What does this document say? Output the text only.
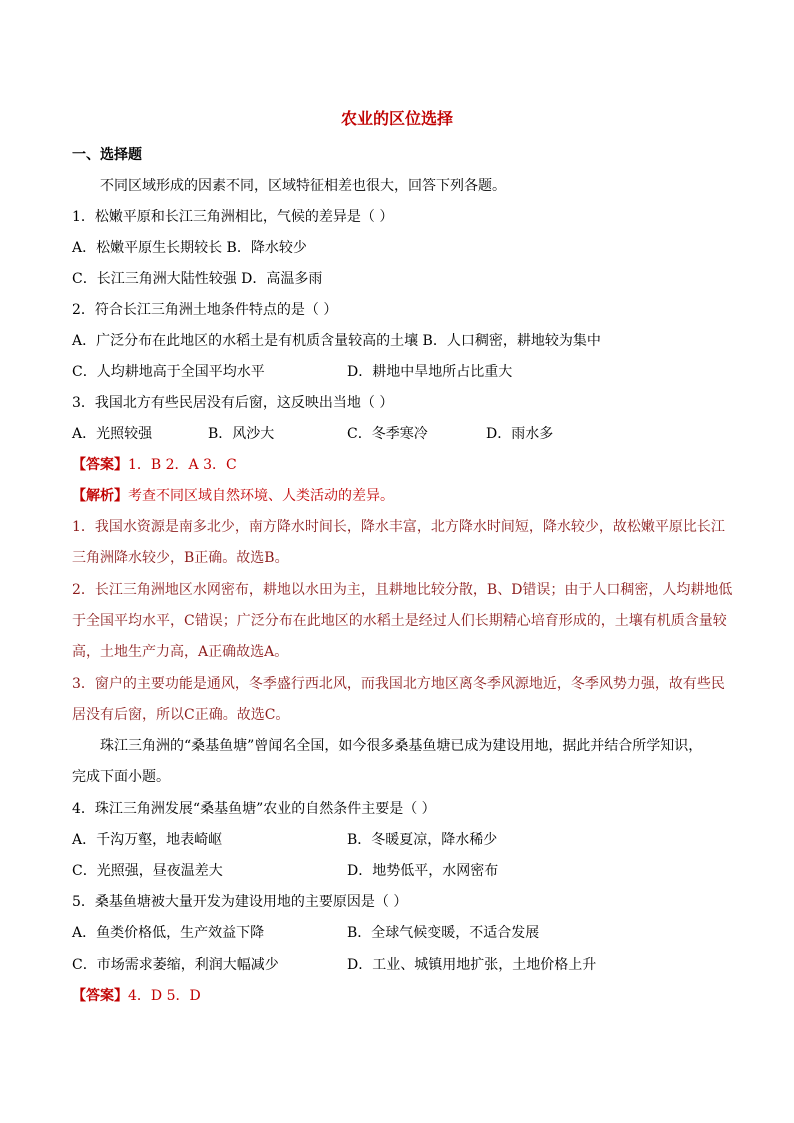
农业的区位选择
一、选择题
不同区域形成的因素不同，区域特征相差也很大，回答下列各题。
1．松嫩平原和长江三角洲相比，气候的差异是（ ）
A．松嫩平原生长期较长 B．降水较少
C．长江三角洲大陆性较强 D．高温多雨
2．符合长江三角洲土地条件特点的是（ ）
A．广泛分布在此地区的水稻土是有机质含量较高的土壤 B．人口稠密，耕地较为集中
C．人均耕地高于全国平均水平	D．耕地中旱地所占比重大
3．我国北方有些民居没有后窗，这反映出当地（ ）
A．光照较强	B．风沙大	C．冬季寒冷	D．雨水多
【答案】1．B 2．A 3．C
【解析】考查不同区域自然环境、人类活动的差异。
1．我国水资源是南多北少，南方降水时间长，降水丰富，北方降水时间短，降水较少，故松嫩平原比长江
三角洲降水较少，B正确。故选B。
2．长江三角洲地区水网密布，耕地以水田为主，且耕地比较分散，B、D错误；由于人口稠密，人均耕地低
于全国平均水平，C错误；广泛分布在此地区的水稻土是经过人们长期精心培育形成的，土壤有机质含量较
高，土地生产力高，A正确故选A。
3．窗户的主要功能是通风，冬季盛行西北风，而我国北方地区离冬季风源地近，冬季风势力强，故有些民
居没有后窗，所以C正确。故选C。
珠江三角洲的“桑基鱼塘”曾闻名全国，如今很多桑基鱼塘已成为建设用地，据此并结合所学知识，
完成下面小题。
4．珠江三角洲发展“桑基鱼塘”农业的自然条件主要是（ ）
A．千沟万壑，地表崎岖	B．冬暖夏凉，降水稀少
C．光照强，昼夜温差大	D．地势低平，水网密布
5．桑基鱼塘被大量开发为建设用地的主要原因是（ ）
A．鱼类价格低，生产效益下降	B．全球气候变暖，不适合发展
C．市场需求萎缩，利润大幅减少	D．工业、城镇用地扩张，土地价格上升
【答案】4．D 5．D
